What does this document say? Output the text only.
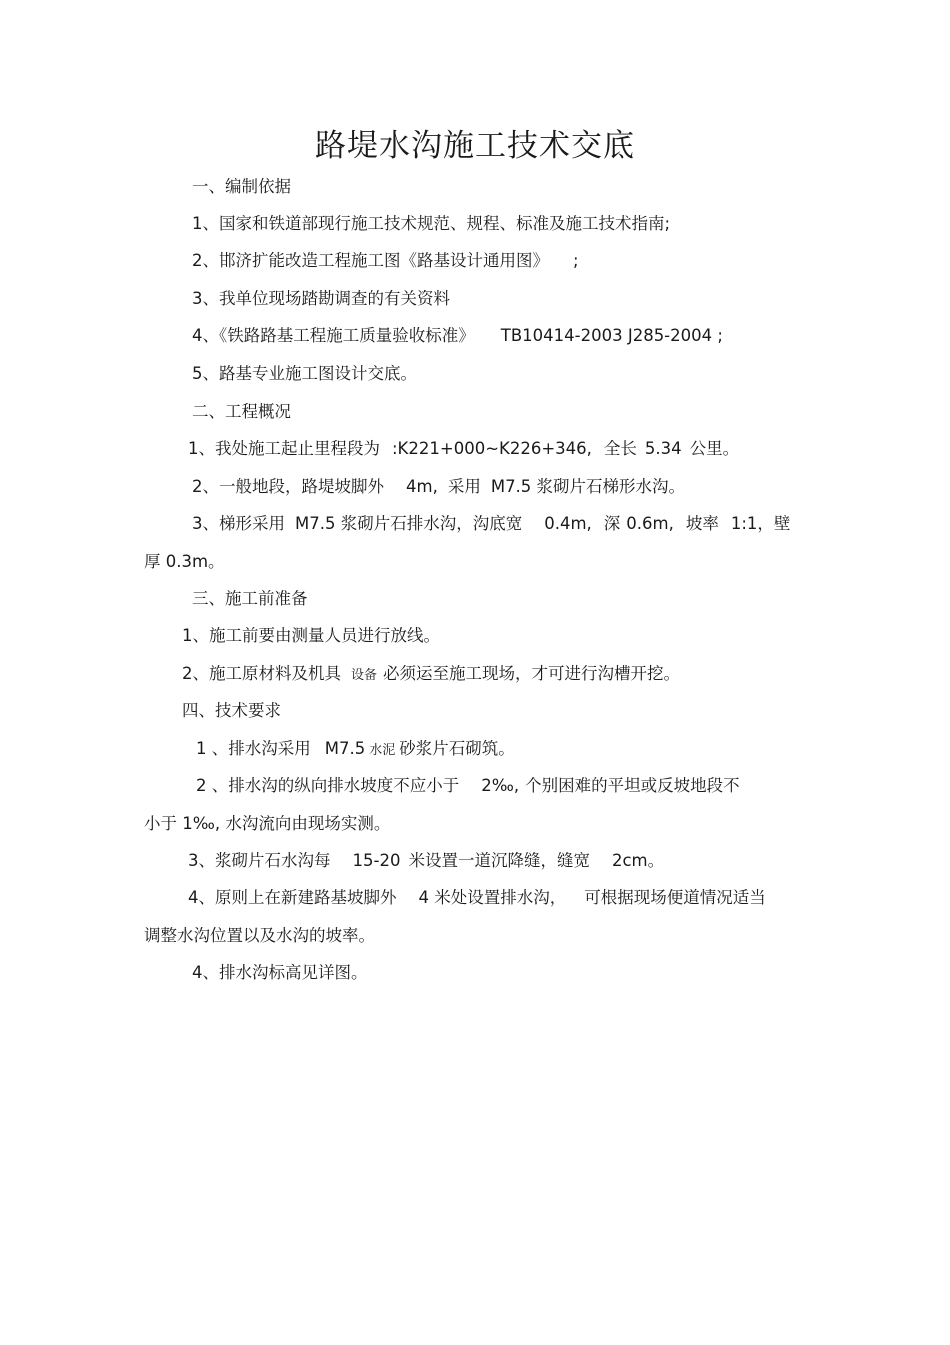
路堤水沟施工技术交底
一、编制依据
1、国家和铁道部现行施工技术规范、规程、标准及施工技术指南;
2、邯济扩能改造工程施工图《路基设计通用图》 ;
3、我单位现场踏勘调查的有关资料
4、《铁路路基工程施工质量验收标准》 TB10414-2003 J285-2004 ;
5、路基专业施工图设计交底。
二、工程概况
1、我处施工起止里程段为 :K221+000~K226+346, 全长 5.34 公里。
2、一般地段，路堤坡脚外 4m, 采用 M7.5 浆砌片石梯形水沟。
3、梯形采用 M7.5 浆砌片石排水沟，沟底宽 0.4m, 深 0.6m, 坡率 1:1，壁
厚 0.3m。
三、施工前准备
1、施工前要由测量人员进行放线。
2、施工原材料及机具 设备 必须运至施工现场，才可进行沟槽开挖。
四、技术要求
1 、排水沟采用 M7.5 水泥 砂浆片石砌筑。
2 、排水沟的纵向排水坡度不应小于 2‰, 个别困难的平坦或反坡地段不
小于 1‰, 水沟流向由现场实测。
3、浆砌片石水沟每 15-20 米设置一道沉降缝，缝宽 2cm。
4、原则上在新建路基坡脚外 4 米处设置排水沟， 可根据现场便道情况适当
调整水沟位置以及水沟的坡率。
4、排水沟标高见详图。
